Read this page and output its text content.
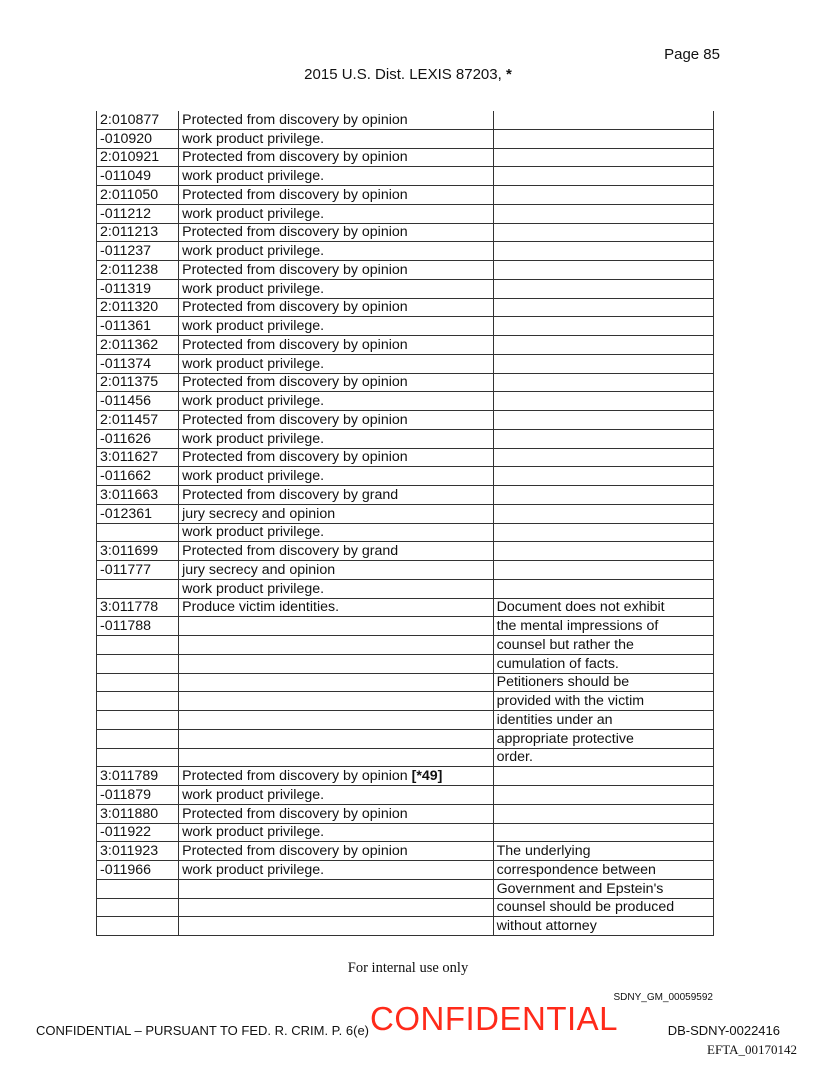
Page 85
2015 U.S. Dist. LEXIS 87203, *
2:010877	Protected from discovery by opinion	
-010920	work product privilege.	
2:010921	Protected from discovery by opinion	
-011049	work product privilege.	
2:011050	Protected from discovery by opinion	
-011212	work product privilege.	
2:011213	Protected from discovery by opinion	
-011237	work product privilege.	
2:011238	Protected from discovery by opinion	
-011319	work product privilege.	
2:011320	Protected from discovery by opinion	
-011361	work product privilege.	
2:011362	Protected from discovery by opinion	
-011374	work product privilege.	
2:011375	Protected from discovery by opinion	
-011456	work product privilege.	
2:011457	Protected from discovery by opinion	
-011626	work product privilege.	
3:011627	Protected from discovery by opinion	
-011662	work product privilege.	
3:011663	Protected from discovery by grand	
-012361	jury secrecy and opinion	
	work product privilege.	
3:011699	Protected from discovery by grand	
-011777	jury secrecy and opinion	
	work product privilege.	
3:011778	Produce victim identities.	Document does not exhibit
-011788		the mental impressions of
		counsel but rather the
		cumulation of facts.
		Petitioners should be
		provided with the victim
		identities under an
		appropriate protective
		order.
3:011789	Protected from discovery by opinion [*49]	
-011879	work product privilege.	
3:011880	Protected from discovery by opinion	
-011922	work product privilege.	
3:011923	Protected from discovery by opinion	The underlying
-011966	work product privilege.	correspondence between
		Government and Epstein's
		counsel should be produced
		without attorney
For internal use only
SDNY_GM_00059592
CONFIDENTIAL – PURSUANT TO FED. R. CRIM. P. 6(e) CONFIDENTIAL	DB-SDNY-0022416
EFTA_00170142
